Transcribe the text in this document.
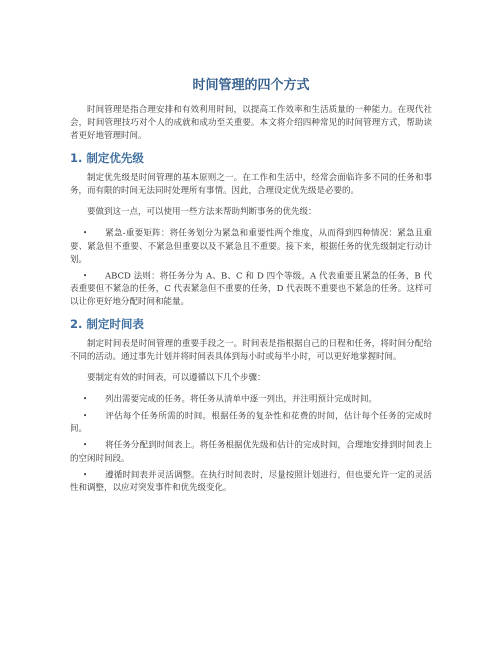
时间管理的四个方式

时间管理是指合理安排和有效利用时间，以提高工作效率和生活质量的一种能力。在现代社会，时间管理技巧对个人的成就和成功至关重要。本文将介绍四种常见的时间管理方式，帮助读者更好地管理时间。

1. 制定优先级

制定优先级是时间管理的基本原则之一。在工作和生活中，经常会面临许多不同的任务和事务，而有限的时间无法同时处理所有事情。因此，合理设定优先级是必要的。

要做到这一点，可以使用一些方法来帮助判断事务的优先级：

• 紧急-重要矩阵：将任务划分为紧急和重要性两个维度，从而得到四种情况：紧急且重要、紧急但不重要、不紧急但重要以及不紧急且不重要。接下来，根据任务的优先级制定行动计划。
• ABCD 法则：将任务分为 A、B、C 和 D 四个等级。A 代表重要且紧急的任务，B 代表重要但不紧急的任务，C 代表紧急但不重要的任务，D 代表既不重要也不紧急的任务。这样可以让你更好地分配时间和能量。
2. 制定时间表

制定时间表是时间管理的重要手段之一。时间表是指根据自己的日程和任务，将时间分配给不同的活动。通过事先计划并将时间表具体到每小时或每半小时，可以更好地掌握时间。

要制定有效的时间表，可以遵循以下几个步骤：

• 列出需要完成的任务。将任务从清单中逐一列出，并注明预计完成时间。
• 评估每个任务所需的时间。根据任务的复杂性和花费的时间，估计每个任务的完成时间。
• 将任务分配到时间表上。将任务根据优先级和估计的完成时间，合理地安排到时间表上的空闲时间段。
• 遵循时间表并灵活调整。在执行时间表时，尽量按照计划进行，但也要允许一定的灵活性和调整，以应对突发事件和优先级变化。
